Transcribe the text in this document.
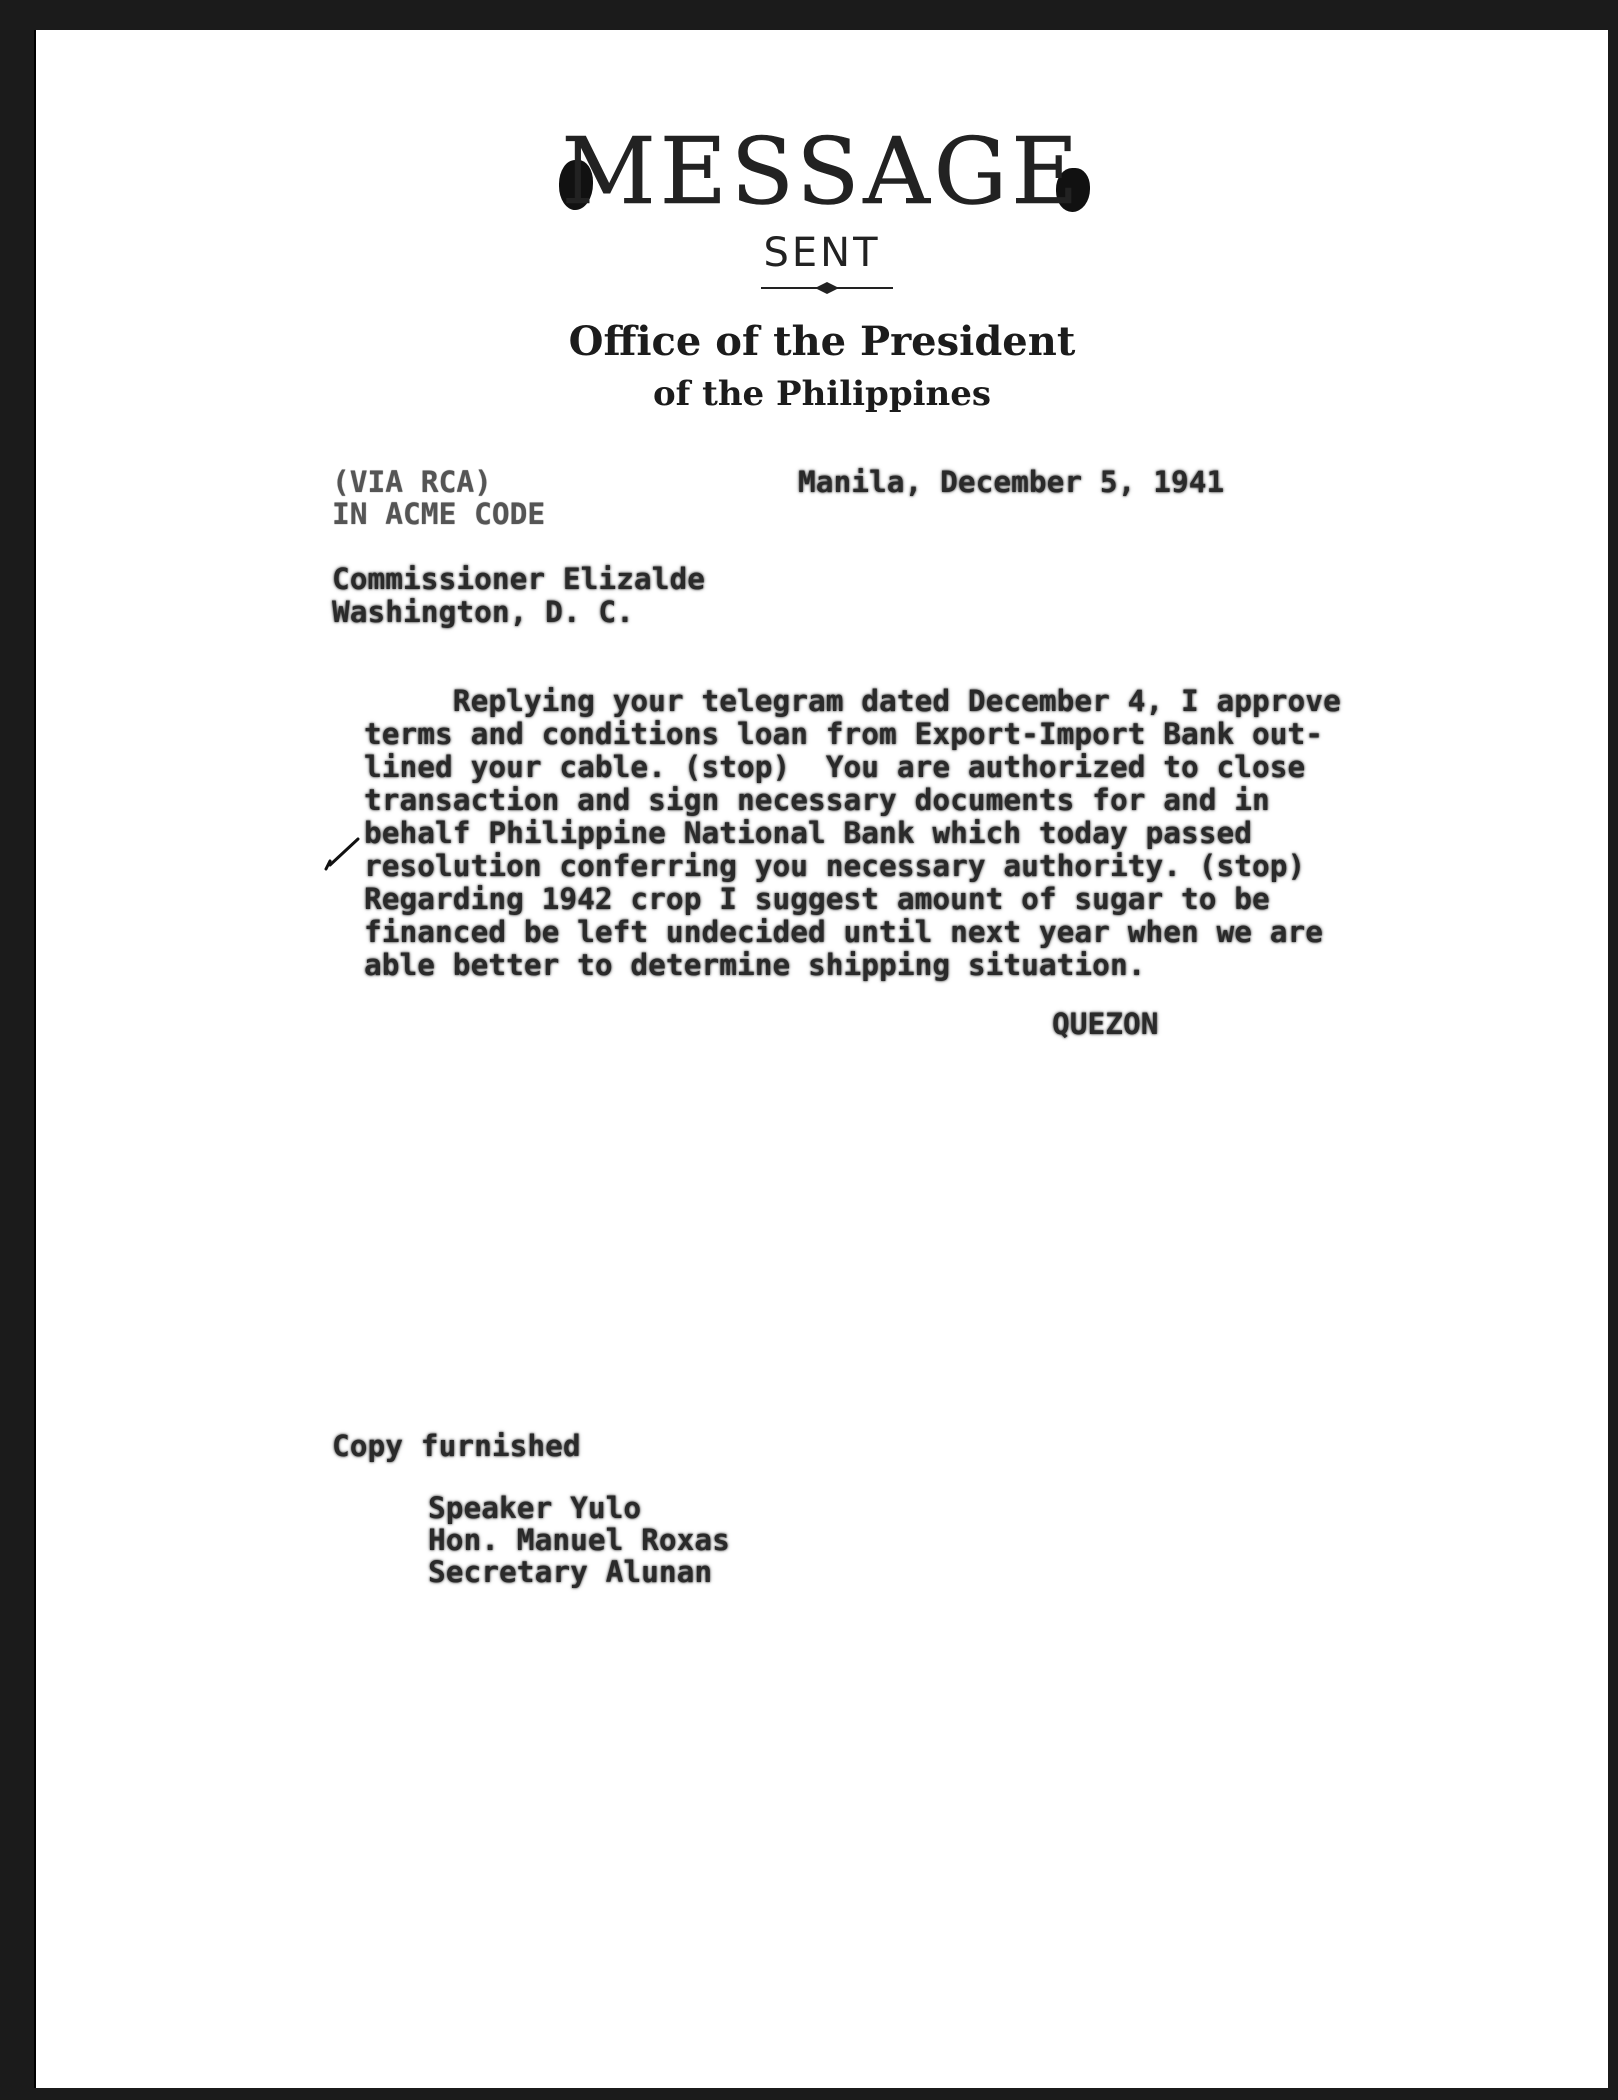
MESSAGE
SENT
Office of the President
of the Philippines
(VIA RCA)
IN ACME CODE
Manila, December 5, 1941
Commissioner Elizalde
Washington, D. C.
Replying your telegram dated December 4, I approve
terms and conditions loan from Export-Import Bank out-
lined your cable. (stop)  You are authorized to close
transaction and sign necessary documents for and in
behalf Philippine National Bank which today passed
resolution conferring you necessary authority. (stop)
Regarding 1942 crop I suggest amount of sugar to be
financed be left undecided until next year when we are
able better to determine shipping situation.
QUEZON
Copy furnished
Speaker Yulo
Hon. Manuel Roxas
Secretary Alunan
